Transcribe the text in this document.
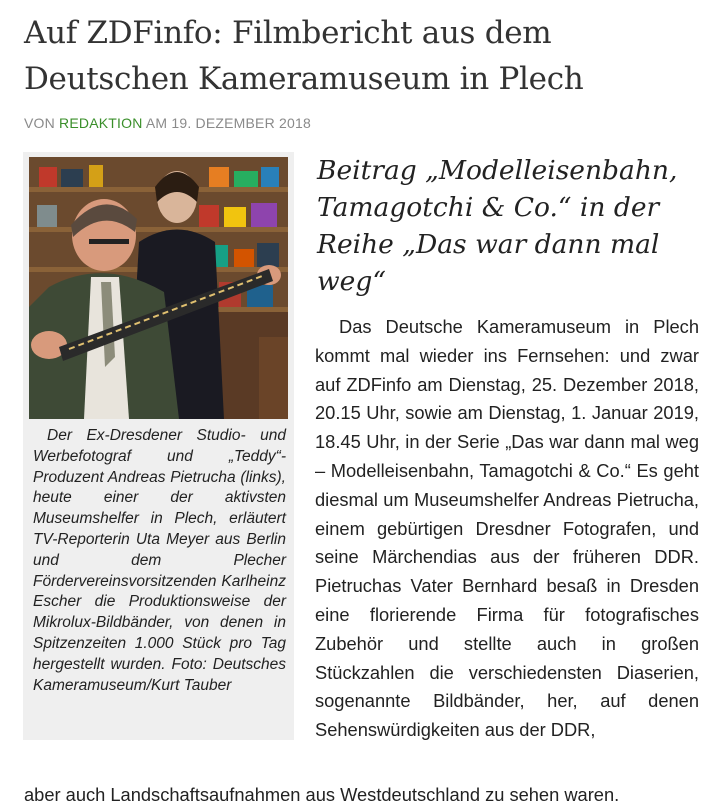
Auf ZDFinfo: Filmbericht aus dem Deutschen Kameramuseum in Plech
VON REDAKTION AM 19. DEZEMBER 2018
Der Ex-Dresdener Studio- und Werbefotograf und „Teddy“-Produzent Andreas Pietrucha (links), heute einer der aktivsten Museumshelfer in Plech, erläutert TV-Reporterin Uta Meyer aus Berlin und dem Plecher Fördervereinsvorsitzenden Karlheinz Escher die Produktionsweise der Mikrolux-Bildbänder, von denen in Spitzenzeiten 1.000 Stück pro Tag hergestellt wurden. Foto: Deutsches Kameramuseum/Kurt Tauber
Beitrag „Modelleisenbahn, Tamagotchi & Co.“ in der Reihe „Das war dann mal weg“

Das Deutsche Kameramuseum in Plech kommt mal wieder ins Fernsehen: und zwar auf ZDFinfo am Dienstag, 25. Dezember 2018, 20.15 Uhr, sowie am Dienstag, 1. Januar 2019, 18.45 Uhr, in der Serie „Das war dann mal weg – Modelleisenbahn, Tamagotchi & Co.“ Es geht diesmal um Museumshelfer Andreas Pietrucha, einem gebürtigen Dresdner Fotografen, und seine Märchendias aus der früheren DDR. Pietruchas Vater Bernhard besaß in Dresden eine florierende Firma für fotografisches Zubehör und stellte auch in großen Stückzahlen die verschiedensten Diaserien, sogenannte Bildbänder, her, auf denen Sehenswürdigkeiten aus der DDR,

aber auch Landschaftsaufnahmen aus Westdeutschland zu sehen waren.
